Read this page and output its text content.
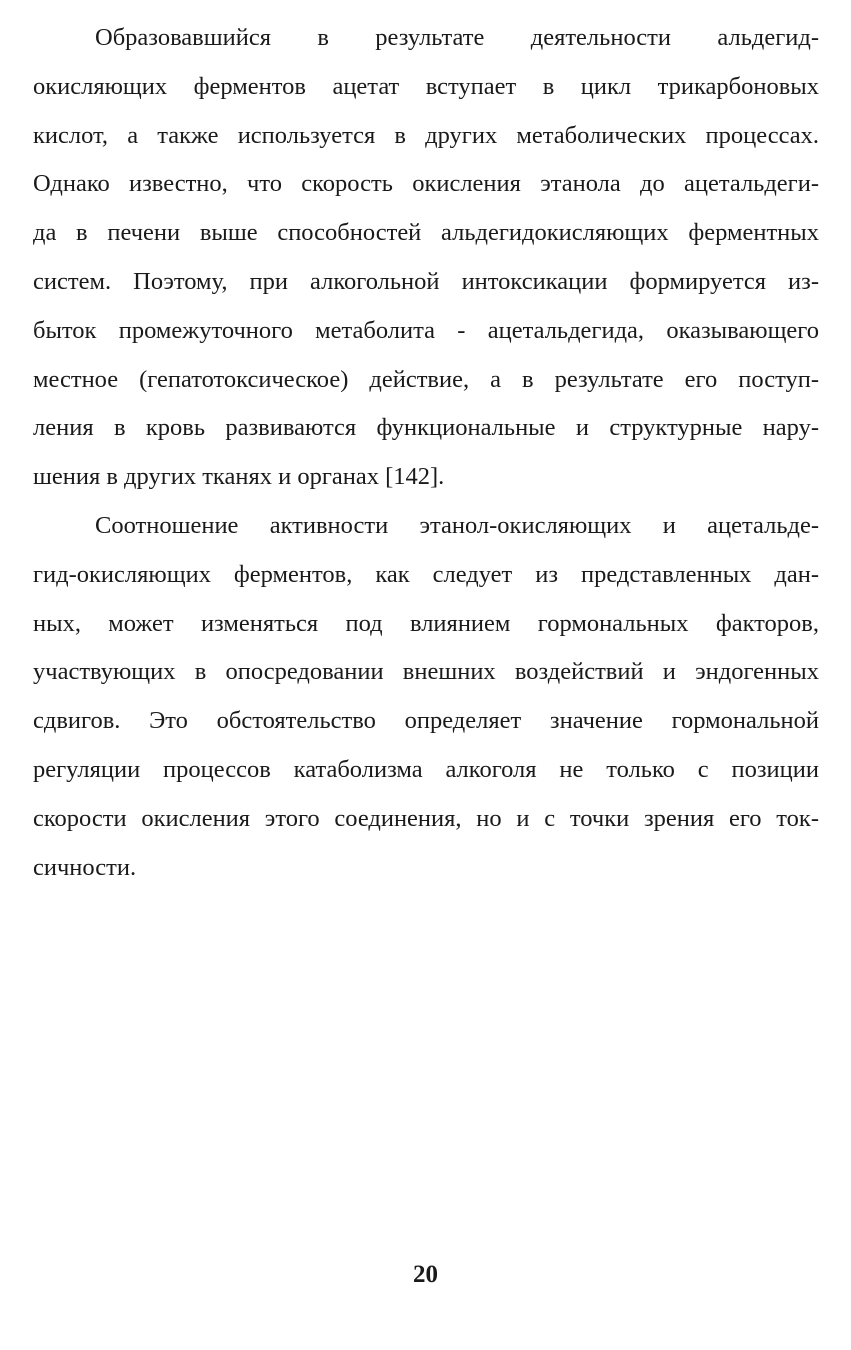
Образовавшийся в результате деятельности альдегид-
окисляющих ферментов ацетат вступает в цикл трикарбоновых
кислот, а также используется в других метаболических процессах.
Однако известно, что скорость окисления этанола до ацетальдеги-
да в печени выше способностей альдегидокисляющих ферментных
систем. Поэтому, при алкогольной интоксикации формируется из-
быток промежуточного метаболита - ацетальдегида, оказывающего
местное (гепатотоксическое) действие, а в результате его поступ-
ления в кровь развиваются функциональные и структурные нару-
шения в других тканях и органах [142].
Соотношение активности этанол-окисляющих и ацетальде-
гид-окисляющих ферментов, как следует из представленных дан-
ных, может изменяться под влиянием гормональных факторов,
участвующих в опосредовании внешних воздействий и эндогенных
сдвигов. Это обстоятельство определяет значение гормональной
регуляции процессов катаболизма алкоголя не только с позиции
скорости окисления этого соединения, но и с точки зрения его ток-
сичности.
20
